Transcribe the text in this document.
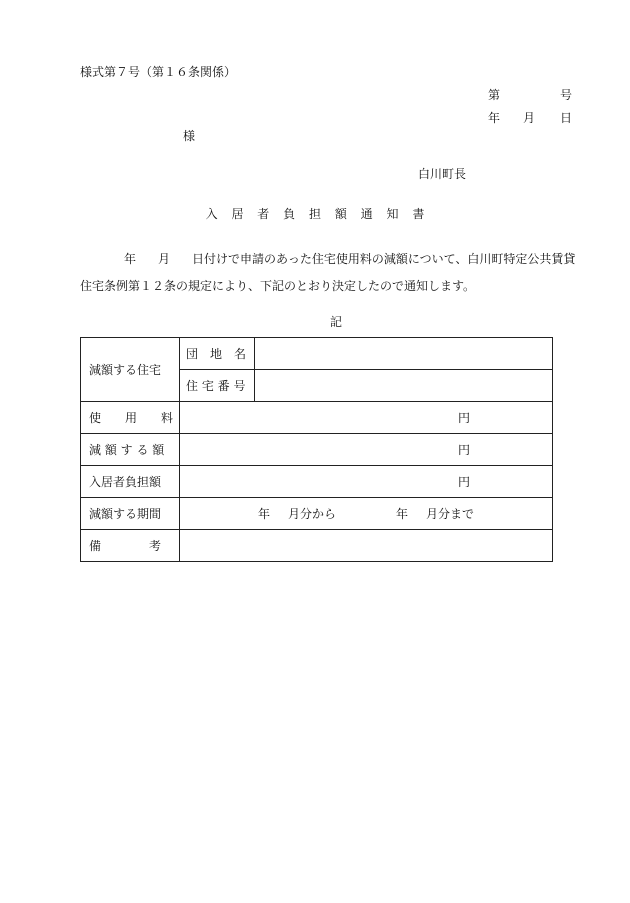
様式第７号（第１６条関係）
第	号
年 月 日
様
白川町長
入 居 者 負 担 額 通 知 書
年 月 日付けで申請のあった住宅使用料の減額について、白川町特定公共賃貸住宅条例第１２条の規定により、下記のとおり決定したので通知します。
記
減額する住宅	団　地　名	
	住 宅 番 号	
使　　用　　料	円	
減 額 す る 額	円	
入居者負担額	円	
減額する期間	年   月分から      年   月分まで	
備　　　　考		
